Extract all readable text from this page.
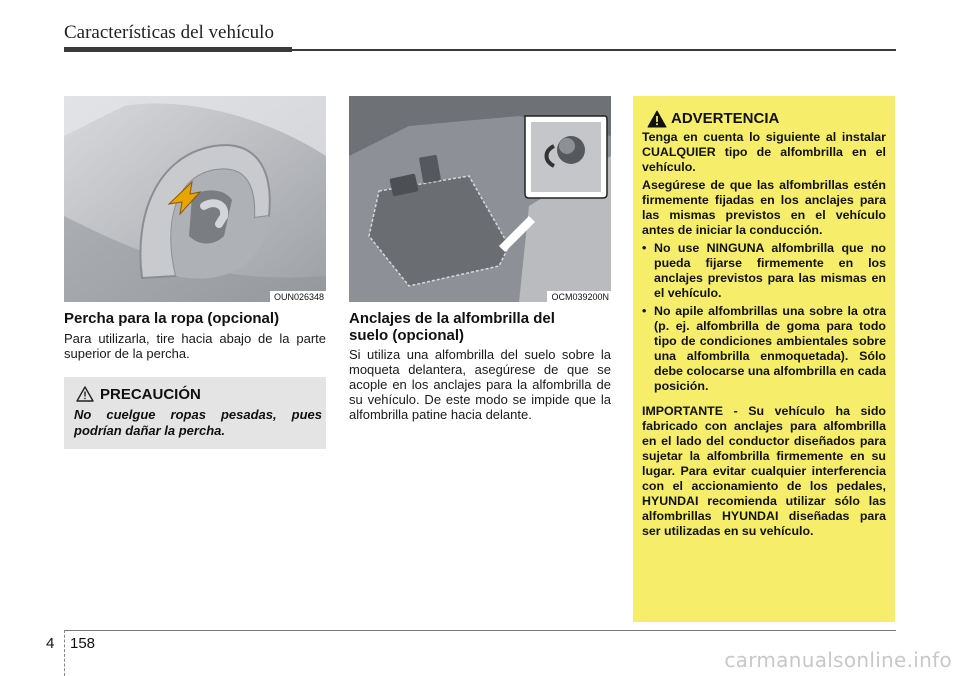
Características del vehículo
OUN026348
Percha para la ropa (opcional)
Para utilizarla, tire hacia abajo de la parte superior de la percha.
PRECAUCIÓN
No cuelgue ropas pesadas, pues podrían dañar la percha.
OCM039200N
Anclajes de la alfombrilla del suelo (opcional)
Si utiliza una alfombrilla del suelo sobre la moqueta delantera, asegúrese de que se acople en los anclajes para la alfombrilla de su vehículo. De este modo se impide que la alfombrilla patine hacia delante.
ADVERTENCIA

Tenga en cuenta lo siguiente al instalar CUALQUIER tipo de alfombrilla en el vehículo.

Asegúrese de que las alfombrillas estén firmemente fijadas en los anclajes para las mismas previstos en el vehículo antes de iniciar la conducción.

• No use NINGUNA alfombrilla que no pueda fijarse firmemente en los anclajes previstos para las mismas en el vehículo.
• No apile alfombrillas una sobre la otra (p. ej. alfombrilla de goma para todo tipo de condiciones ambientales sobre una alfombrilla enmoquetada). Sólo debe colocarse una alfombrilla en cada posición.

IMPORTANTE - Su vehículo ha sido fabricado con anclajes para alfombrilla en el lado del conductor diseñados para sujetar la alfombrilla firmemente en su lugar. Para evitar cualquier interferencia con el accionamiento de los pedales, HYUNDAI recomienda utilizar sólo las alfombrillas HYUNDAI diseñadas para ser utilizadas en su vehículo.

4 158
carmanualsonline.info
